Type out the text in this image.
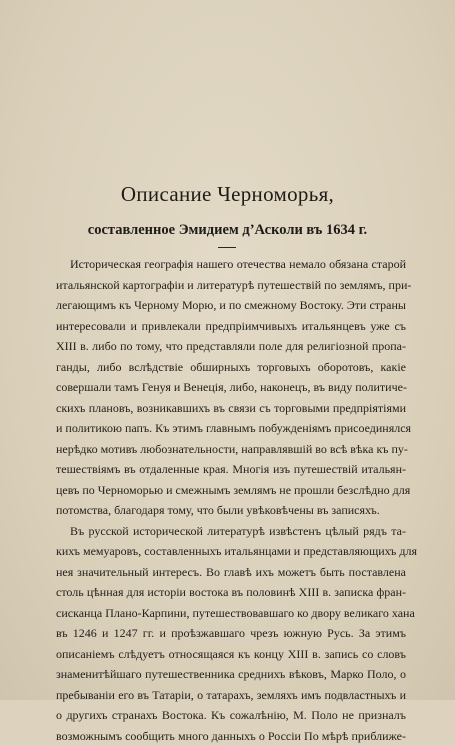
Описание Черноморья,
составленное Эмидием д’Асколи въ 1634 г.
Историческая географiя нашего отечества немало обязана старой
итальянской картографiи и литературѣ путешествiй по землямъ, при-
легающимъ къ Черному Морю, и по смежному Востоку. Эти страны
интересовали и привлекали предпрiимчивыхъ итальянцевъ уже съ
XIII в. либо по тому, что представляли поле для религiозной пропа-
ганды, либо вслѣдствiе обширныхъ торговыхъ оборотовъ, какiе
совершали тамъ Генуя и Венецiя, либо, наконецъ, въ виду политиче-
скихъ плановъ, возникавшихъ въ связи съ торговыми предпрiятiями
и политикою папъ. Къ этимъ главнымъ побужденiямъ присоединялся
нерѣдко мотивъ любознательности, направлявшiй во всѣ вѣка къ пу-
тешествiямъ въ отдаленные края. Многiя изъ путешествiй итальян-
цевъ по Черноморью и смежнымъ землямъ не прошли безслѣдно для
потомства, благодаря тому, что были увѣковѣчены въ записяхъ.
Въ русской исторической литературѣ извѣстенъ цѣлый рядъ та-
кихъ мемуаровъ, составленныхъ итальянцами и представляющихъ для
нея значительный интересъ. Во главѣ ихъ можетъ быть поставлена
столь цѣнная для исторiи востока въ половинѣ XIII в. записка фран-
сисканца Плано-Карпини, путешествовавшаго ко двору великаго хана
въ 1246 и 1247 гг. и проѣзжавшаго чрезъ южную Русь. За этимъ
описанiемъ слѣдуетъ относящаяся къ концу XIII в. запись со словъ
знаменитѣйшаго путешественника среднихъ вѣковъ, Марко Поло, о
пребыванiи его въ Татарiи, о татарахъ, земляхъ имъ подвластныхъ и
о другихъ странахъ Востока. Къ сожалѣнiю, М. Поло не призналъ
возможнымъ сообщить много данныхъ о Россiи По мѣрѣ приближе-
